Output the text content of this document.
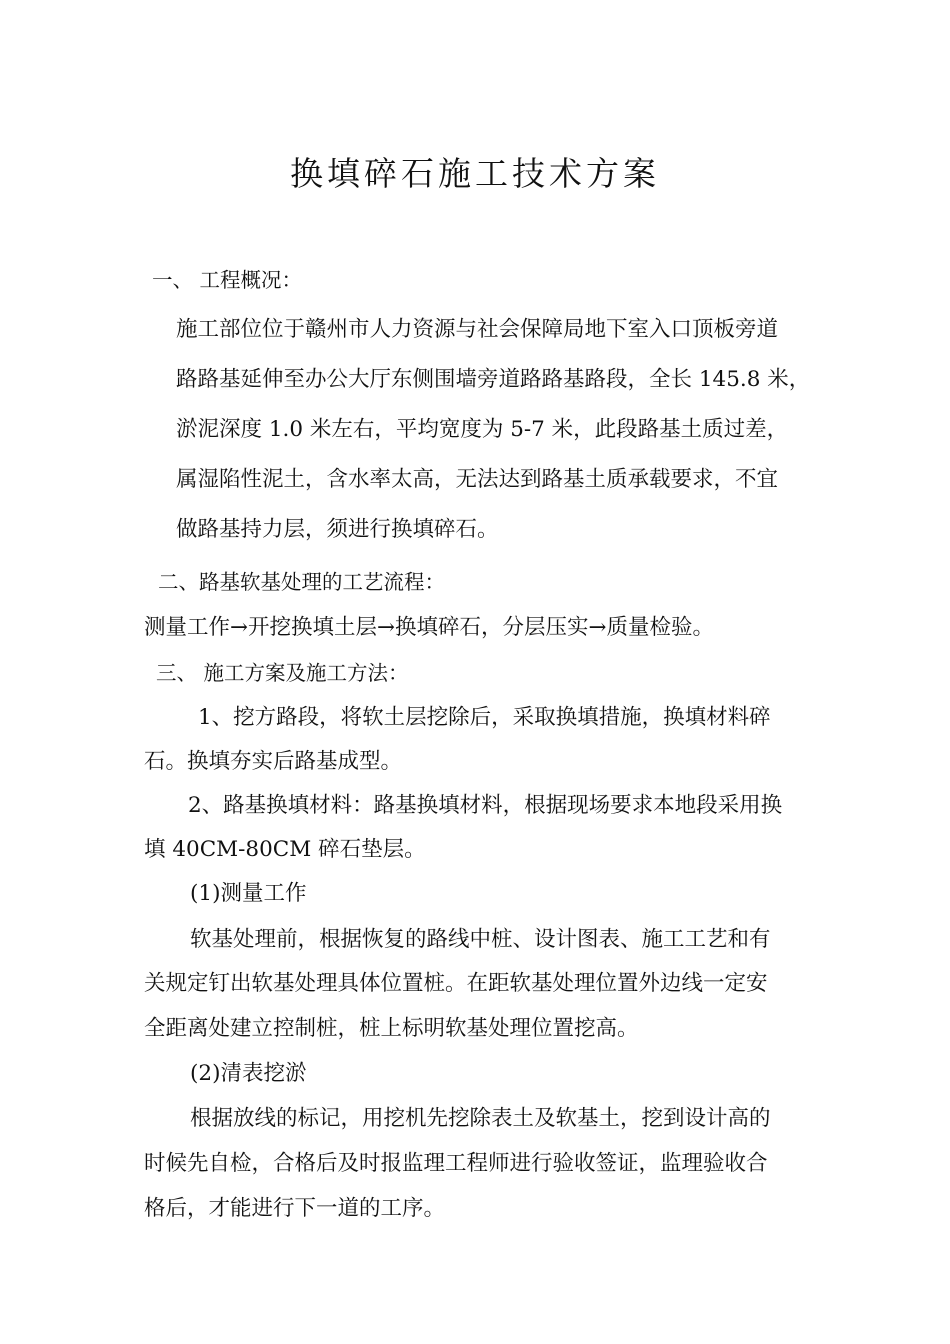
换填碎石施工技术方案
一、 工程概况：
施工部位位于赣州市人力资源与社会保障局地下室入口顶板旁道
路路基延伸至办公大厅东侧围墙旁道路路基路段，全长 145.8 米，
淤泥深度 1.0 米左右，平均宽度为 5-7 米，此段路基土质过差，
属湿陷性泥土，含水率太高，无法达到路基土质承载要求，不宜
做路基持力层，须进行换填碎石。
二、路基软基处理的工艺流程：
测量工作→开挖换填土层→换填碎石，分层压实→质量检验。
三、 施工方案及施工方法：
1、挖方路段，将软土层挖除后，采取换填措施，换填材料碎
石。换填夯实后路基成型。
2、路基换填材料：路基换填材料，根据现场要求本地段采用换
填 40CM-80CM 碎石垫层。
(1)测量工作
软基处理前，根据恢复的路线中桩、设计图表、施工工艺和有
关规定钉出软基处理具体位置桩。在距软基处理位置外边线一定安
全距离处建立控制桩，桩上标明软基处理位置挖高。
(2)清表挖淤
根据放线的标记，用挖机先挖除表土及软基土，挖到设计高的
时候先自检，合格后及时报监理工程师进行验收签证，监理验收合
格后，才能进行下一道的工序。
